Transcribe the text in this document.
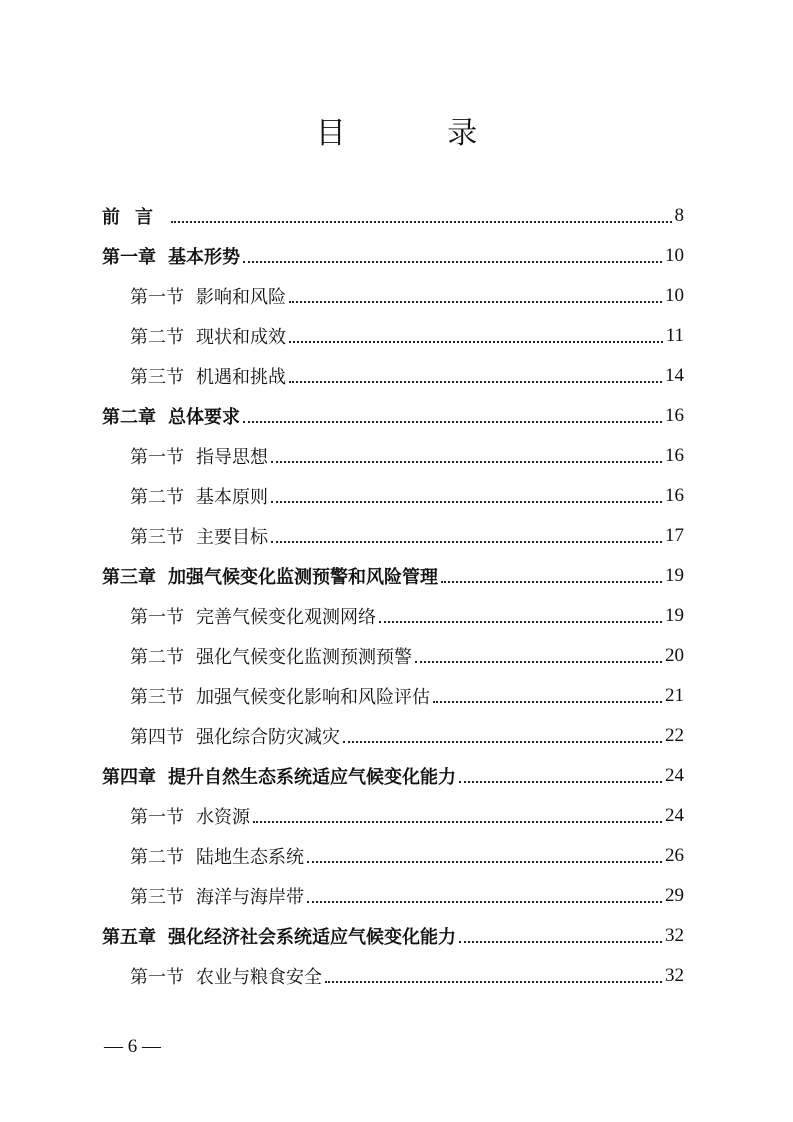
目 录
前言	8
第一章 基本形势	10
第一节 影响和风险	10
第二节 现状和成效	11
第三节 机遇和挑战	14
第二章 总体要求	16
第一节 指导思想	16
第二节 基本原则	16
第三节 主要目标	17
第三章 加强气候变化监测预警和风险管理	19
第一节 完善气候变化观测网络	19
第二节 强化气候变化监测预测预警	20
第三节 加强气候变化影响和风险评估	21
第四节 强化综合防灾减灾	22
第四章 提升自然生态系统适应气候变化能力	24
第一节 水资源	24
第二节 陆地生态系统	26
第三节 海洋与海岸带	29
第五章 强化经济社会系统适应气候变化能力	32
第一节 农业与粮食安全	32
— 6 —
